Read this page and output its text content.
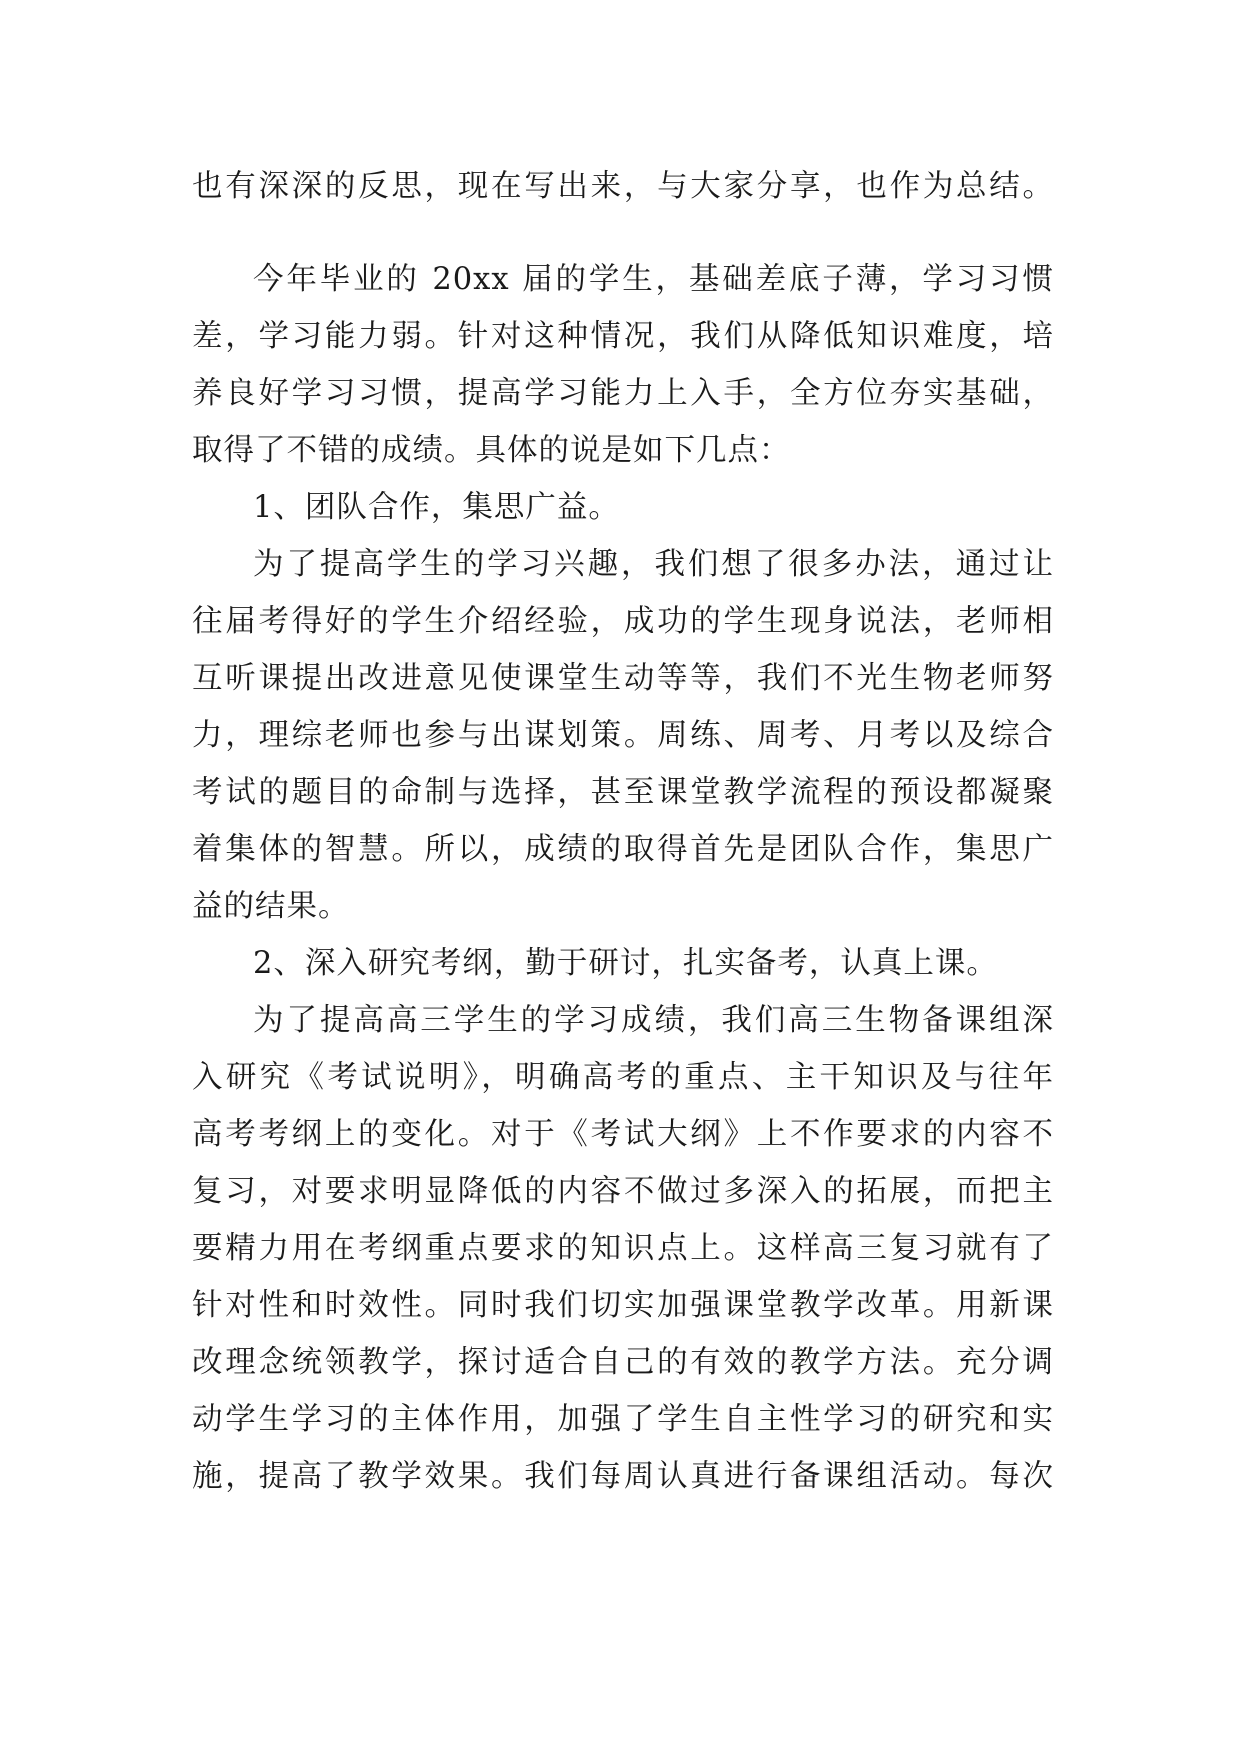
也有深深的反思，现在写出来，与大家分享，也作为总结。
今年毕业的 20xx 届的学生，基础差底子薄，学习习惯
差，学习能力弱。针对这种情况，我们从降低知识难度，培
养良好学习习惯，提高学习能力上入手，全方位夯实基础，
取得了不错的成绩。具体的说是如下几点：
1、团队合作，集思广益。
为了提高学生的学习兴趣，我们想了很多办法，通过让
往届考得好的学生介绍经验，成功的学生现身说法，老师相
互听课提出改进意见使课堂生动等等，我们不光生物老师努
力，理综老师也参与出谋划策。周练、周考、月考以及综合
考试的题目的命制与选择，甚至课堂教学流程的预设都凝聚
着集体的智慧。所以，成绩的取得首先是团队合作，集思广
益的结果。
2、深入研究考纲，勤于研讨，扎实备考，认真上课。
为了提高高三学生的学习成绩，我们高三生物备课组深
入研究《考试说明》，明确高考的重点、主干知识及与往年
高考考纲上的变化。对于《考试大纲》上不作要求的内容不
复习，对要求明显降低的内容不做过多深入的拓展，而把主
要精力用在考纲重点要求的知识点上。这样高三复习就有了
针对性和时效性。同时我们切实加强课堂教学改革。用新课
改理念统领教学，探讨适合自己的有效的教学方法。充分调
动学生学习的主体作用，加强了学生自主性学习的研究和实
施，提高了教学效果。我们每周认真进行备课组活动。每次
